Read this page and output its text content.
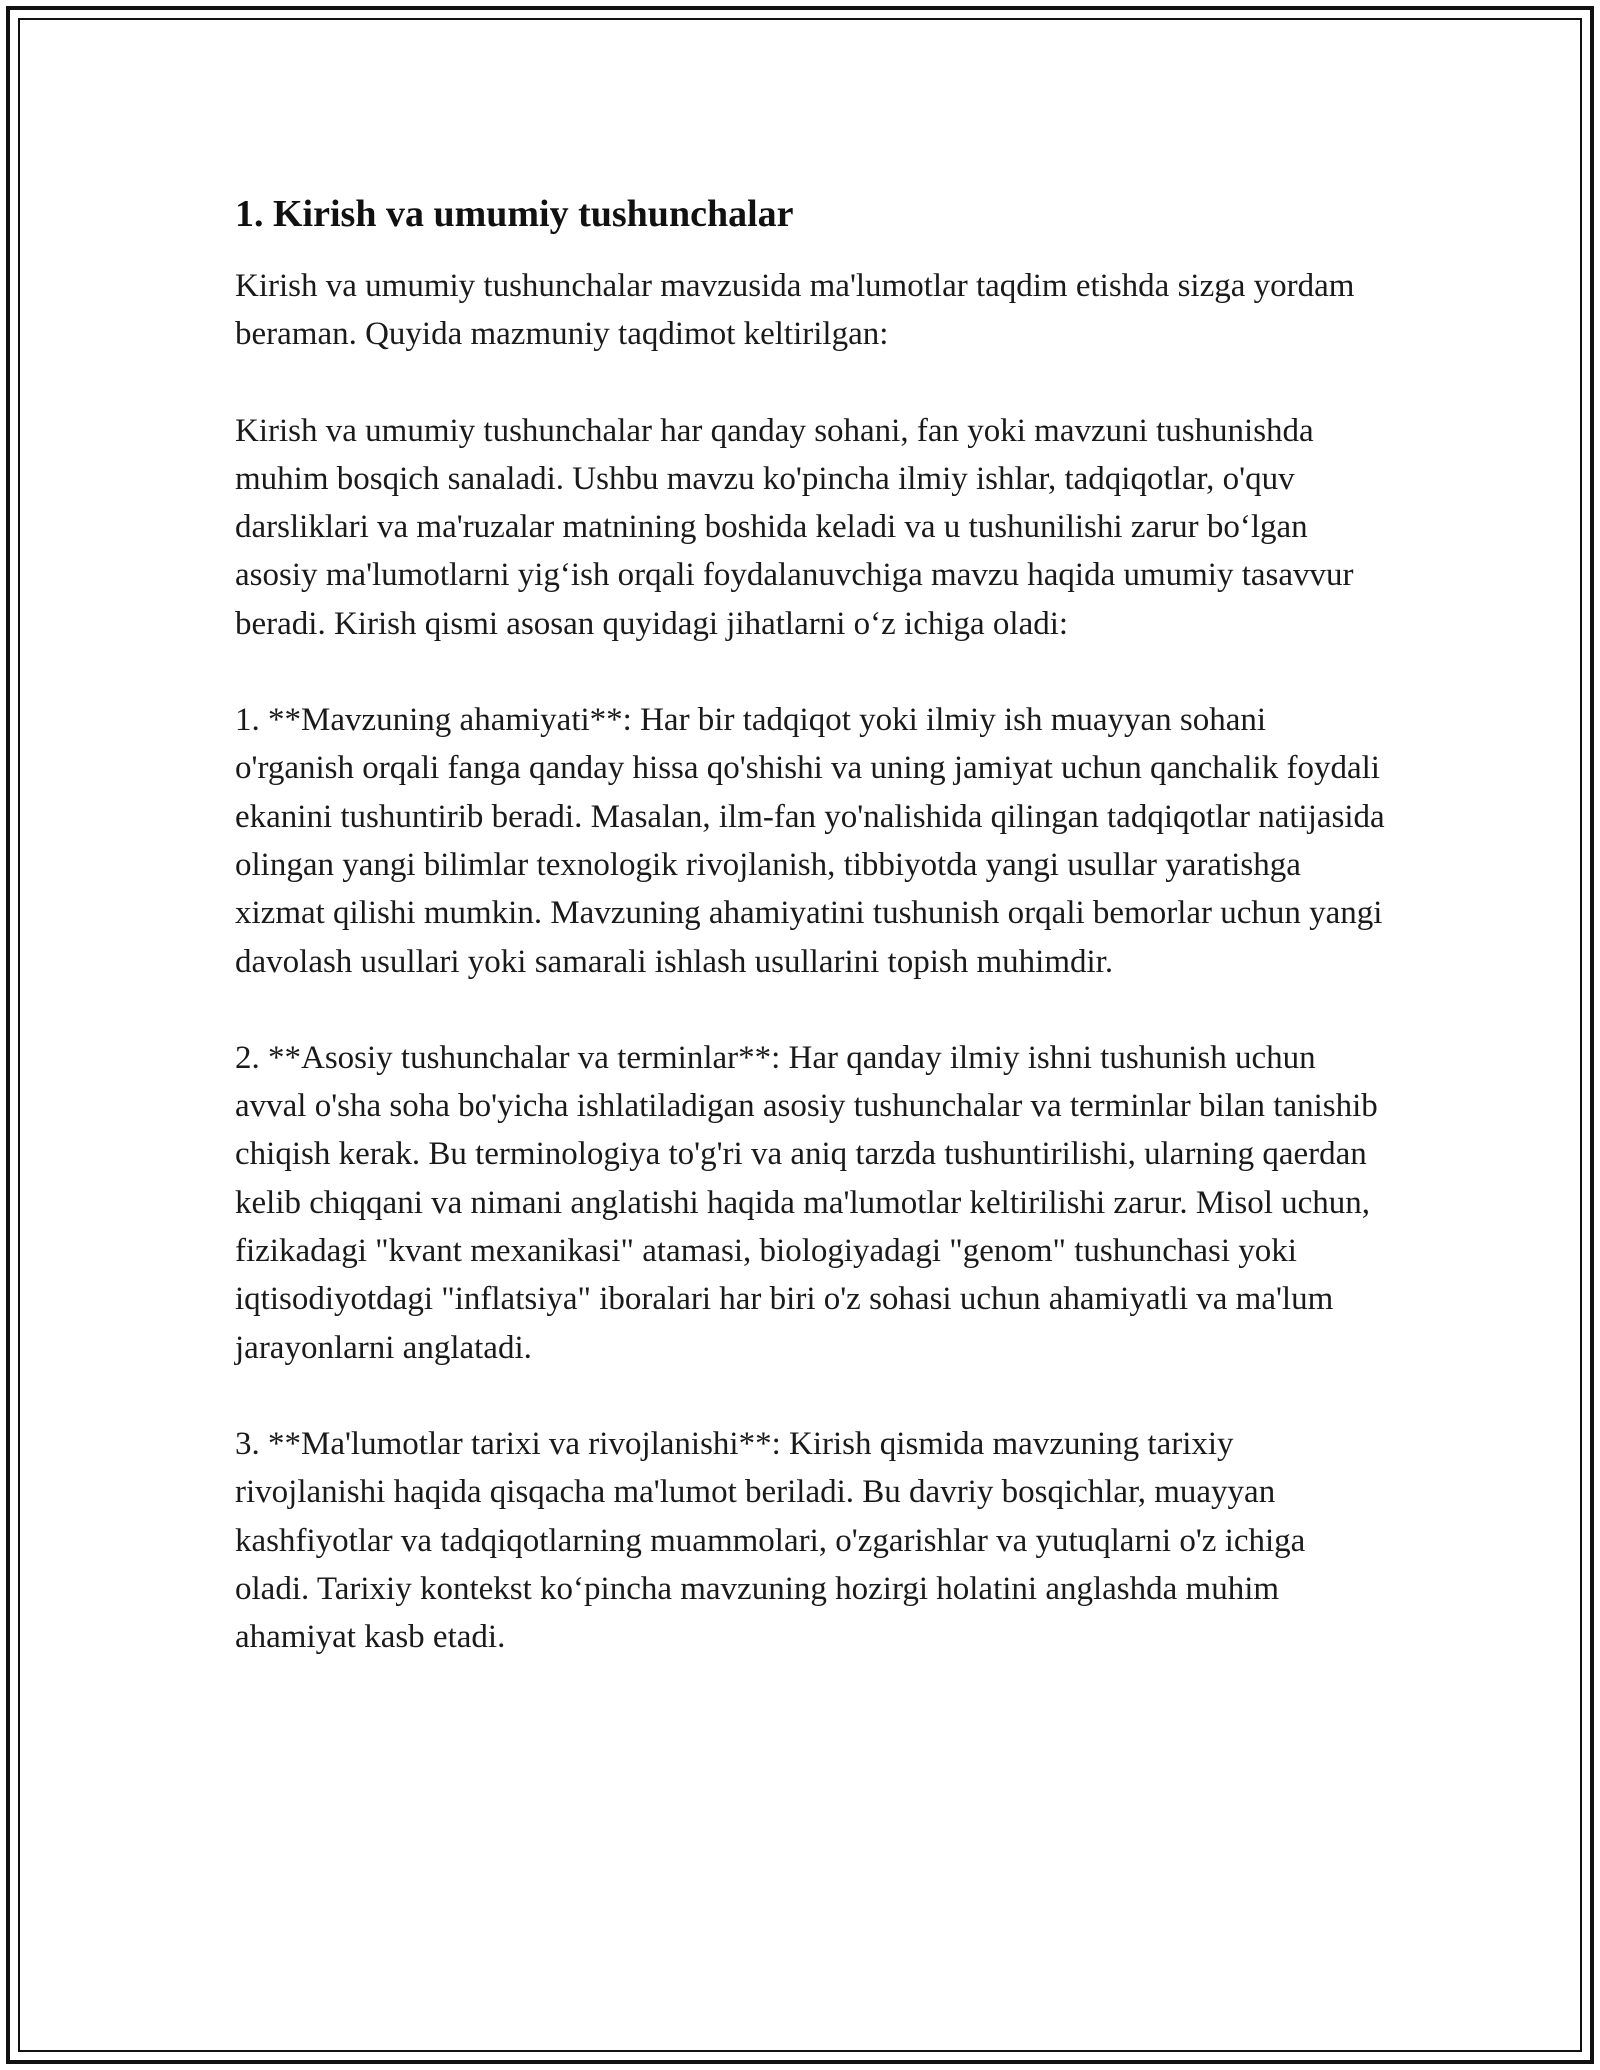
1. Kirish va umumiy tushunchalar

Kirish va umumiy tushunchalar mavzusida ma'lumotlar taqdim etishda sizga yordam beraman. Quyida mazmuniy taqdimot keltirilgan:

Kirish va umumiy tushunchalar har qanday sohani, fan yoki mavzuni tushunishda muhim bosqich sanaladi. Ushbu mavzu ko'pincha ilmiy ishlar, tadqiqotlar, o'quv darsliklari va ma'ruzalar matnining boshida keladi va u tushunilishi zarur bo‘lgan asosiy ma'lumotlarni yig‘ish orqali foydalanuvchiga mavzu haqida umumiy tasavvur beradi. Kirish qismi asosan quyidagi jihatlarni o‘z ichiga oladi:

1. **Mavzuning ahamiyati**: Har bir tadqiqot yoki ilmiy ish muayyan sohani o'rganish orqali fanga qanday hissa qo'shishi va uning jamiyat uchun qanchalik foydali ekanini tushuntirib beradi. Masalan, ilm-fan yo'nalishida qilingan tadqiqotlar natijasida olingan yangi bilimlar texnologik rivojlanish, tibbiyotda yangi usullar yaratishga xizmat qilishi mumkin. Mavzuning ahamiyatini tushunish orqali bemorlar uchun yangi davolash usullari yoki samarali ishlash usullarini topish muhimdir.

2. **Asosiy tushunchalar va terminlar**: Har qanday ilmiy ishni tushunish uchun avval o'sha soha bo'yicha ishlatiladigan asosiy tushunchalar va terminlar bilan tanishib chiqish kerak. Bu terminologiya to'g'ri va aniq tarzda tushuntirilishi, ularning qaerdan kelib chiqqani va nimani anglatishi haqida ma'lumotlar keltirilishi zarur. Misol uchun, fizikadagi "kvant mexanikasi" atamasi, biologiyadagi "genom" tushunchasi yoki iqtisodiyotdagi "inflatsiya" iboralari har biri o'z sohasi uchun ahamiyatli va ma'lum jarayonlarni anglatadi.

3. **Ma'lumotlar tarixi va rivojlanishi**: Kirish qismida mavzuning tarixiy rivojlanishi haqida qisqacha ma'lumot beriladi. Bu davriy bosqichlar, muayyan kashfiyotlar va tadqiqotlarning muammolari, o'zgarishlar va yutuqlarni o'z ichiga oladi. Tarixiy kontekst ko‘pincha mavzuning hozirgi holatini anglashda muhim ahamiyat kasb etadi.
